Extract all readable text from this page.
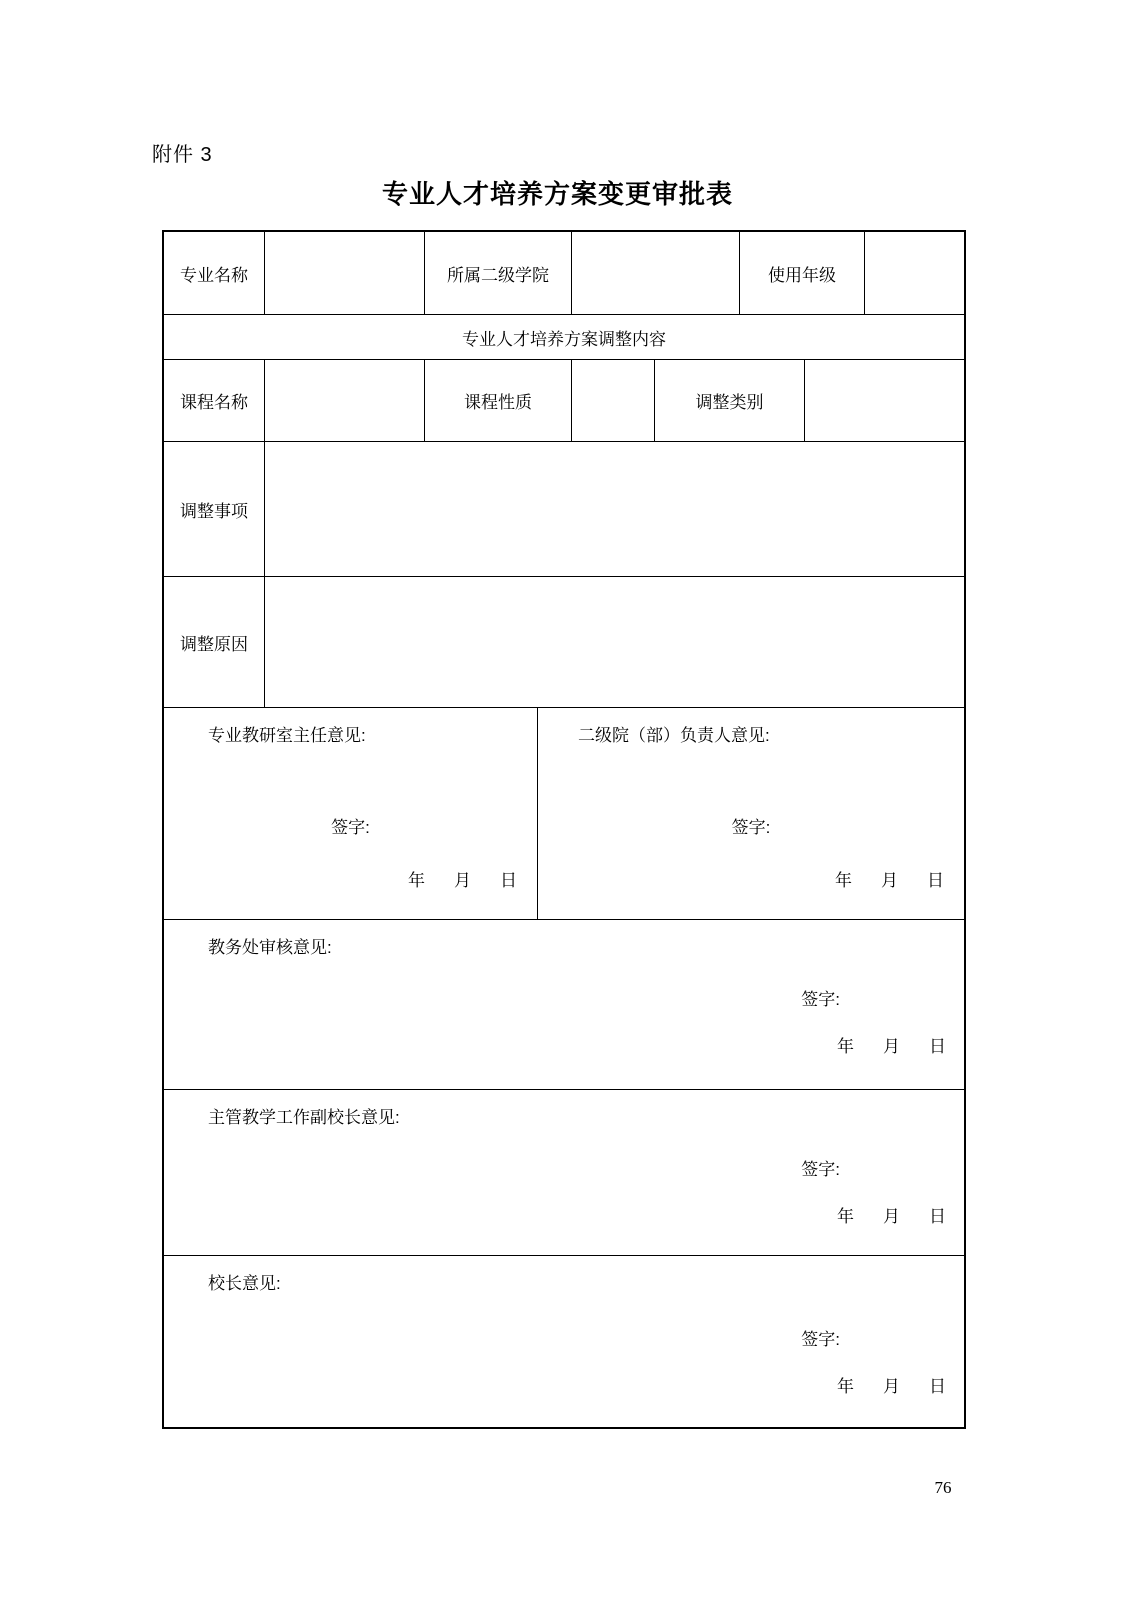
附件 3
专业人才培养方案变更审批表
专业名称	所属二级学院	使用年级
专业人才培养方案调整内容
课程名称	课程性质	调整类别
调整事项
调整原因
专业教研室主任意见:
签字:
年　月　日
二级院（部）负责人意见:
签字:
年　月　日
教务处审核意见:
签字:
年　月　日
主管教学工作副校长意见:
签字:
年　月　日
校长意见:
签字:
年　月　日
76
